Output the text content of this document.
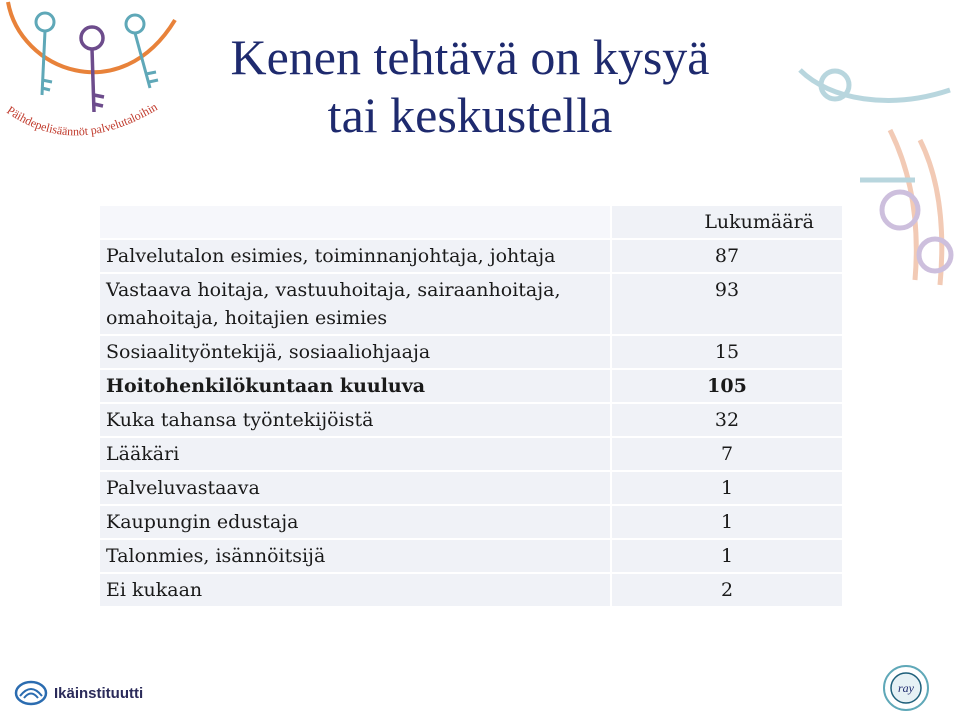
Päihdepelisäännöt palvelutaloihin
Kenen tehtävä on kysyä
tai keskustella
	Lukumäärä
Palvelutalon esimies, toiminnanjohtaja, johtaja	87

Vastaava hoitaja, vastuuhoitaja, sairaanhoitaja,
omahoitaja, hoitajien esimies	93
Sosiaalityöntekijä, sosiaaliohjaaja	15
Hoitohenkilökuntaan kuuluva	105
Kuka tahansa työntekijöistä	32
Lääkäri	7
Palveluvastaava	1
Kaupungin edustaja	1
Talonmies, isännöitsijä	1
Ei kukaan	2
Ikäinstituutti	ray
